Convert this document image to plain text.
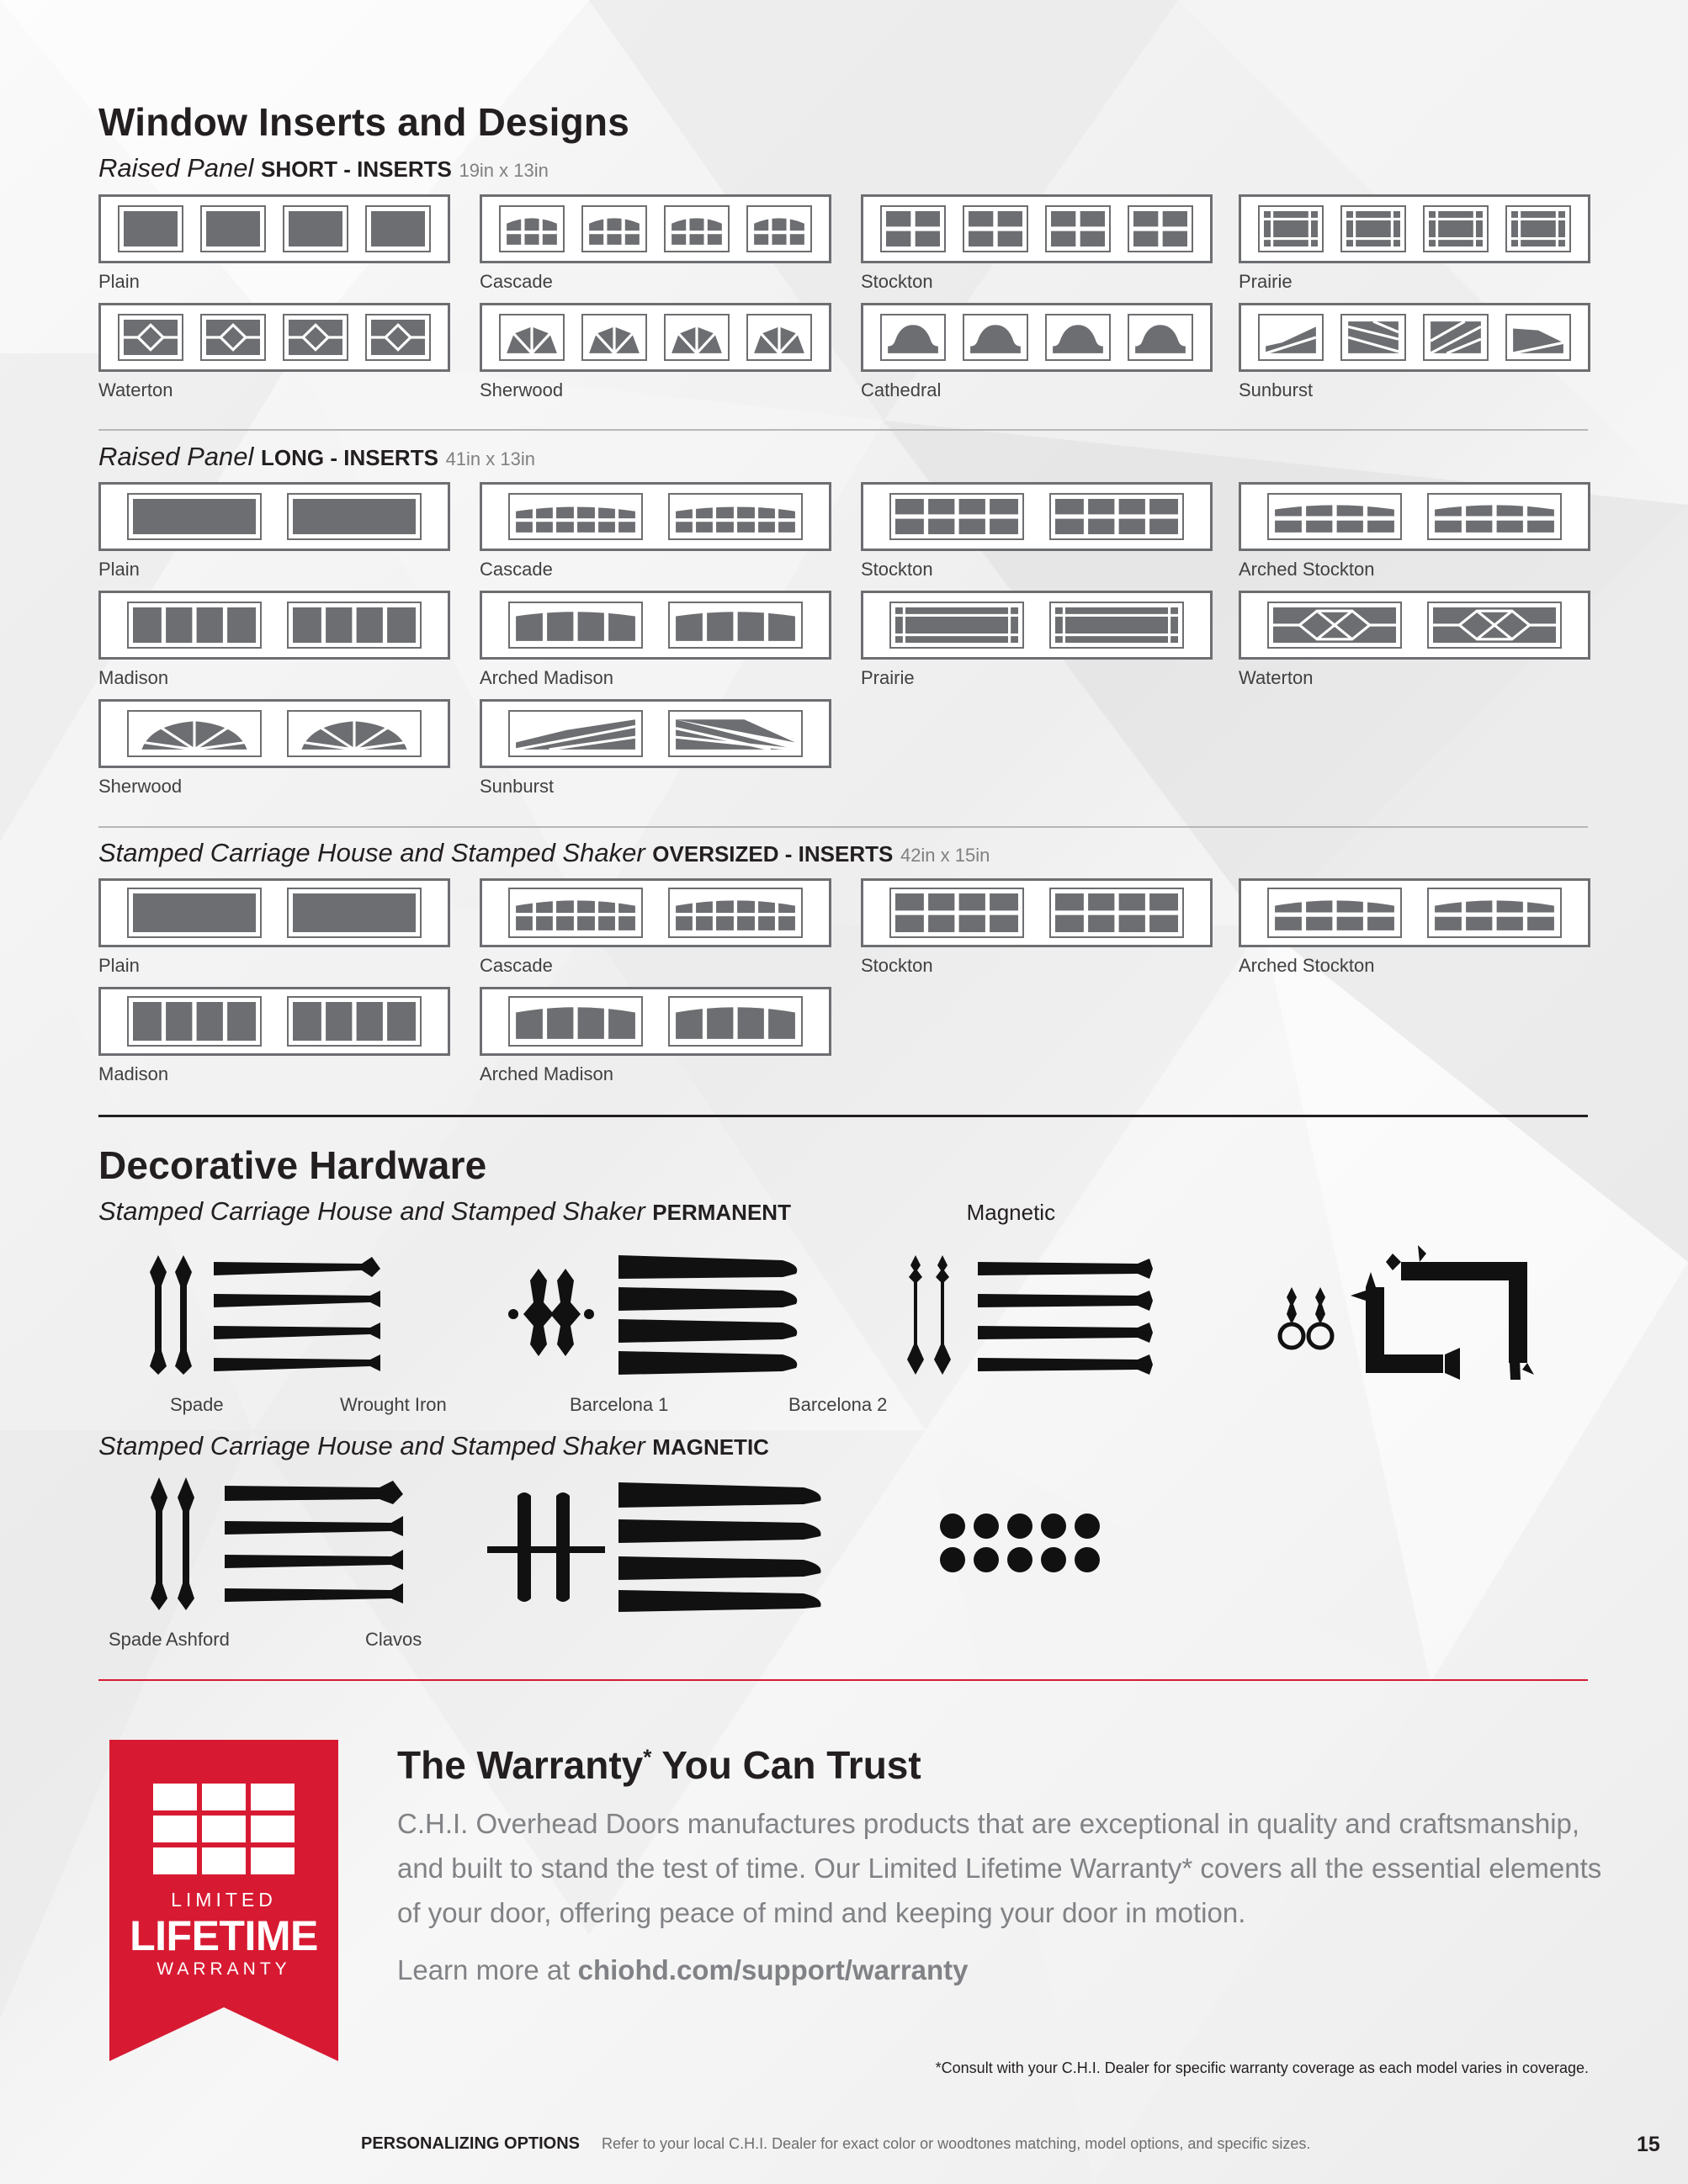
Window Inserts and Designs
Raised Panel SHORT - INSERTS 19in x 13in
Plain	Cascade	Stockton	Prairie
Waterton	Sherwood	Cathedral	Sunburst
Raised Panel LONG - INSERTS 41in x 13in
Plain	Cascade	Stockton	Arched Stockton
Madison	Arched Madison	Prairie	Waterton
Sherwood	Sunburst
Stamped Carriage House and Stamped Shaker OVERSIZED - INSERTS 42in x 15in
Plain	Cascade	Stockton	Arched Stockton
Madison	Arched Madison
Decorative Hardware
Stamped Carriage House and Stamped Shaker PERMANENT	Magnetic
Spade	Wrought Iron	Barcelona 1	Barcelona 2
Stamped Carriage House and Stamped Shaker MAGNETIC
Spade Ashford	Clavos
LIMITED
LIFETIME
WARRANTY
The Warranty* You Can Trust
C.H.I. Overhead Doors manufactures products that are exceptional in quality and craftsmanship, and built to stand the test of time. Our Limited Lifetime Warranty* covers all the essential elements of your door, offering peace of mind and keeping your door in motion.
Learn more at chiohd.com/support/warranty
*Consult with your C.H.I. Dealer for specific warranty coverage as each model varies in coverage.
PERSONALIZING OPTIONS Refer to your local C.H.I. Dealer for exact color or woodtones matching, model options, and specific sizes.	15
